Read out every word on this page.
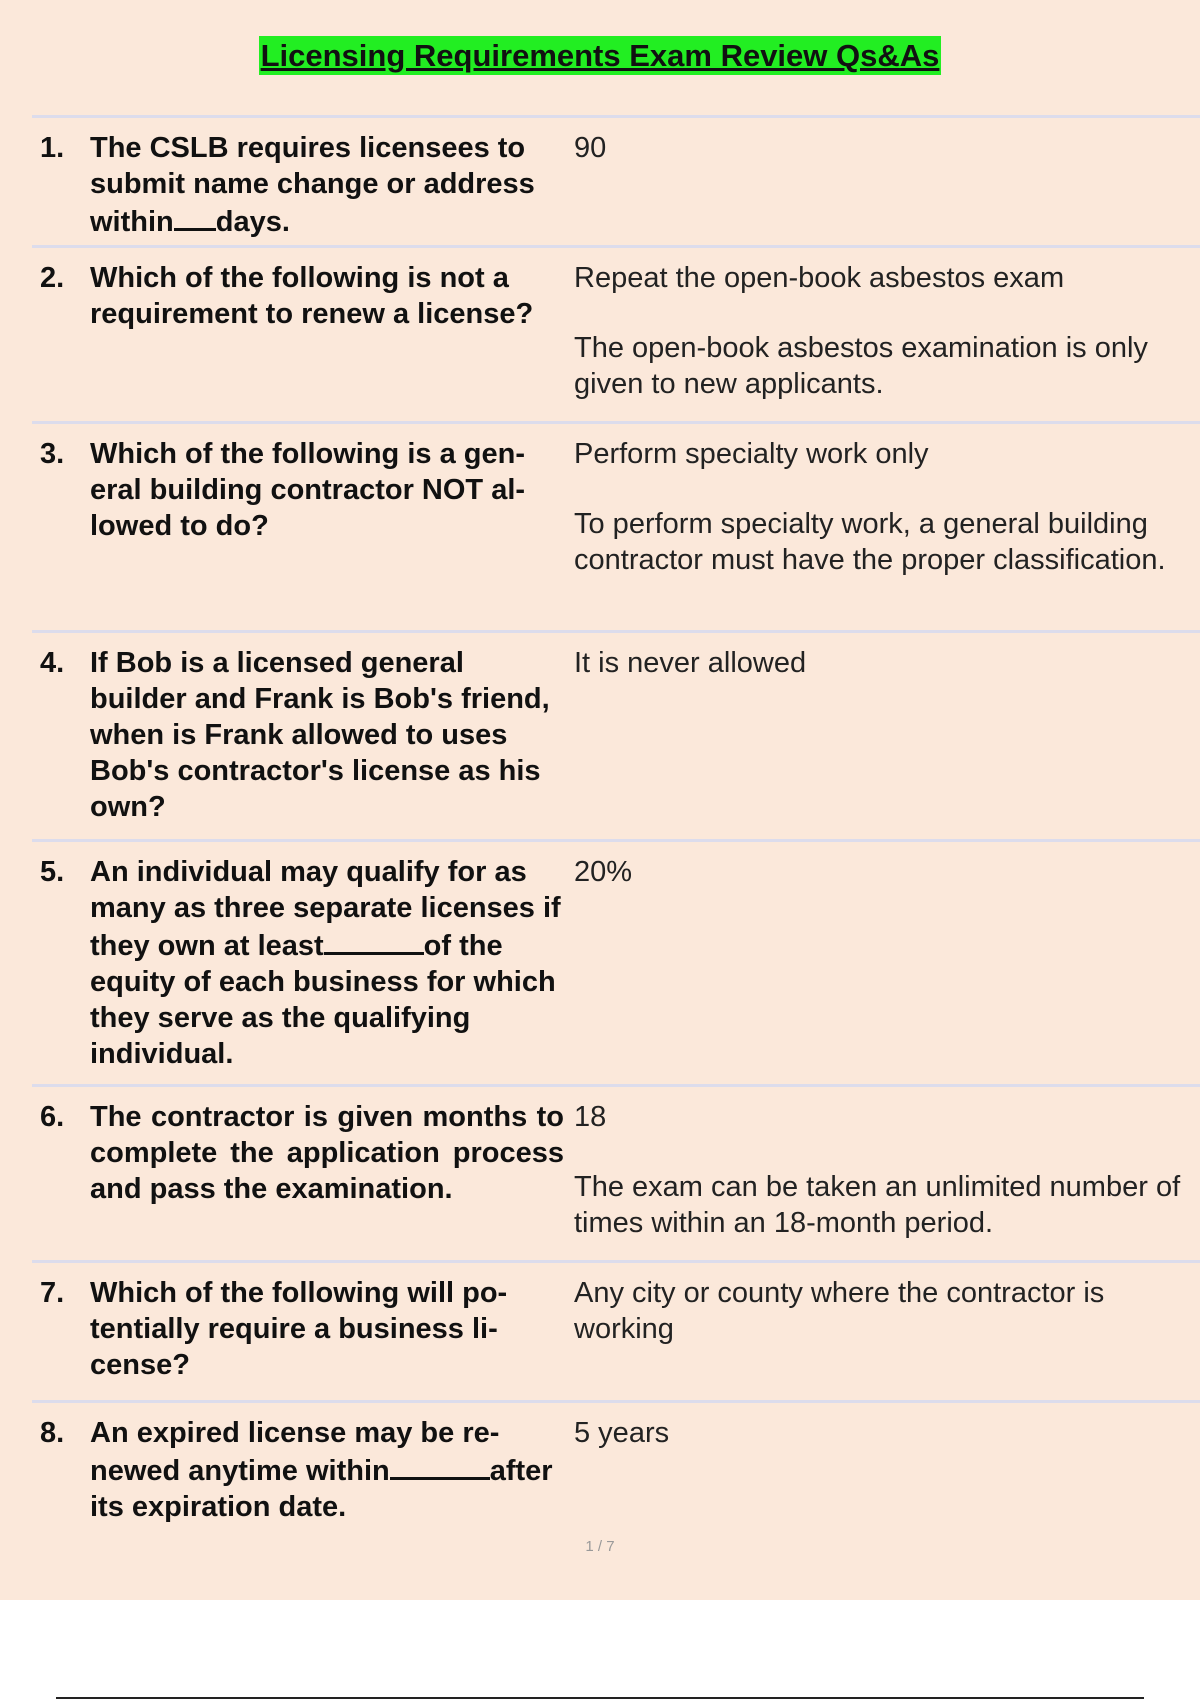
Licensing Requirements Exam Review Qs&As
1. The CSLB requires licensees to submit name change or address within days.
90
2. Which of the following is not a requirement to renew a license?
Repeat the open-book asbestos exam
The open-book asbestos examination is only given to new applicants.
3. Which of the following is a general building contractor NOT allowed to do?
Perform specialty work only
To perform specialty work, a general building contractor must have the proper classification.
4. If Bob is a licensed general builder and Frank is Bob's friend, when is Frank allowed to uses Bob's contractor's license as his own?
It is never allowed
5. An individual may qualify for as many as three separate licenses if they own at least	of the equity of each business for which they serve as the qualifying individual.
20%
6. The contractor is given months to complete the application process and pass the examination.
18
The exam can be taken an unlimited number of times within an 18-month period.
7. Which of the following will potentially require a business license?
Any city or county where the contractor is working
8. An expired license may be renewed anytime within	after its expiration date.
5 years
1 / 7
